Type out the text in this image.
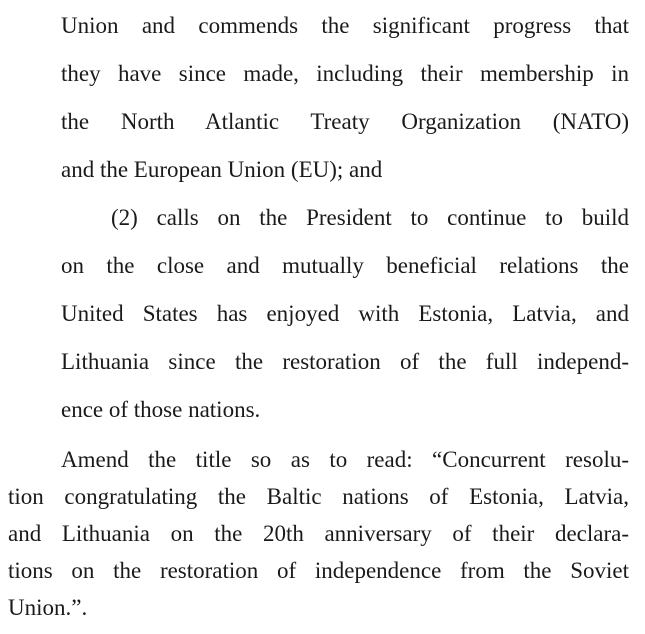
Union and commends the significant progress that
they have since made, including their membership in
the North Atlantic Treaty Organization (NATO)
and the European Union (EU); and
(2) calls on the President to continue to build
on the close and mutually beneficial relations the
United States has enjoyed with Estonia, Latvia, and
Lithuania since the restoration of the full independ-
ence of those nations.
Amend the title so as to read: “Concurrent resolu-
tion congratulating the Baltic nations of Estonia, Latvia,
and Lithuania on the 20th anniversary of their declara-
tions on the restoration of independence from the Soviet
Union.”.
